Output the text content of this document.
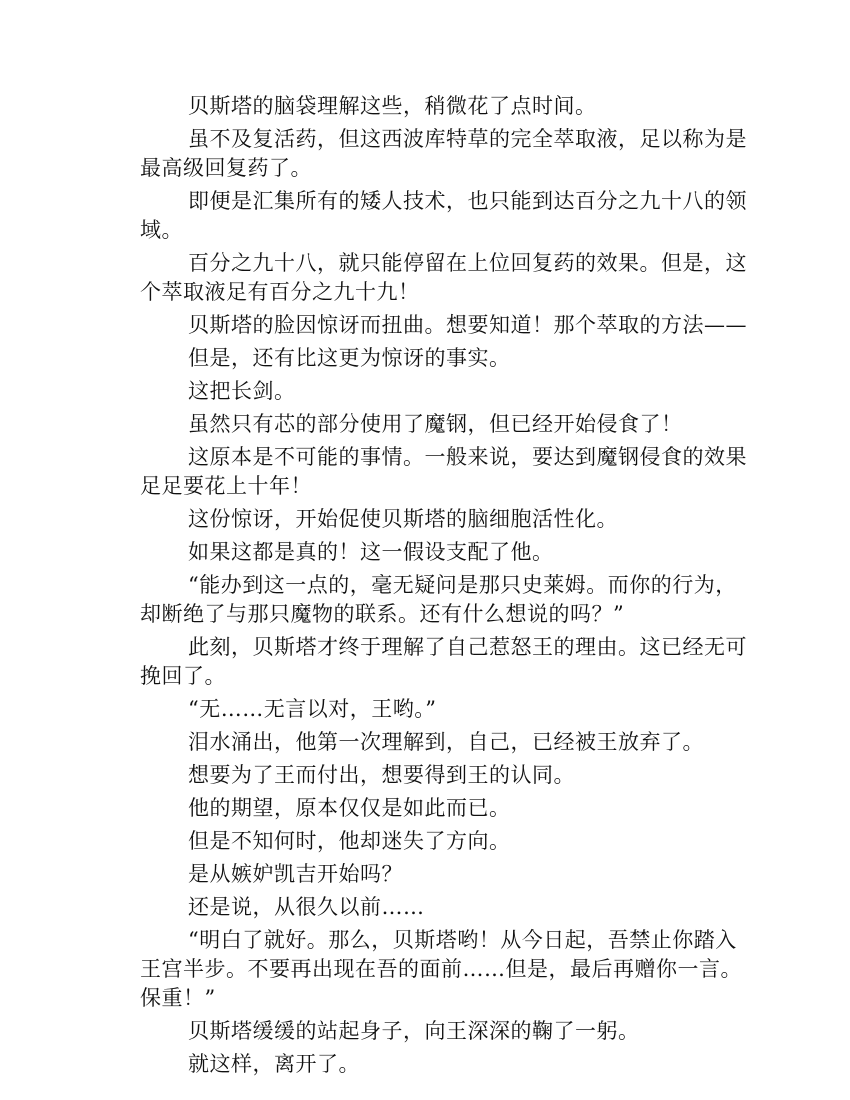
贝斯塔的脑袋理解这些，稍微花了点时间。

虽不及复活药，但这西波库特草的完全萃取液，足以称为是最高级回复药了。

即便是汇集所有的矮人技术，也只能到达百分之九十八的领域。

百分之九十八，就只能停留在上位回复药的效果。但是，这个萃取液足有百分之九十九！

贝斯塔的脸因惊讶而扭曲。想要知道！那个萃取的方法——

但是，还有比这更为惊讶的事实。

这把长剑。

虽然只有芯的部分使用了魔钢，但已经开始侵食了！

这原本是不可能的事情。一般来说，要达到魔钢侵食的效果足足要花上十年！

这份惊讶，开始促使贝斯塔的脑细胞活性化。

如果这都是真的！这一假设支配了他。

“能办到这一点的，毫无疑问是那只史莱姆。而你的行为，却断绝了与那只魔物的联系。还有什么想说的吗？”

此刻，贝斯塔才终于理解了自己惹怒王的理由。这已经无可挽回了。

“无……无言以对，王哟。”

泪水涌出，他第一次理解到，自己，已经被王放弃了。

想要为了王而付出，想要得到王的认同。

他的期望，原本仅仅是如此而已。

但是不知何时，他却迷失了方向。

是从嫉妒凯吉开始吗？

还是说，从很久以前……

“明白了就好。那么，贝斯塔哟！从今日起，吾禁止你踏入王宫半步。不要再出现在吾的面前……但是，最后再赠你一言。保重！”

贝斯塔缓缓的站起身子，向王深深的鞠了一躬。

就这样，离开了。
